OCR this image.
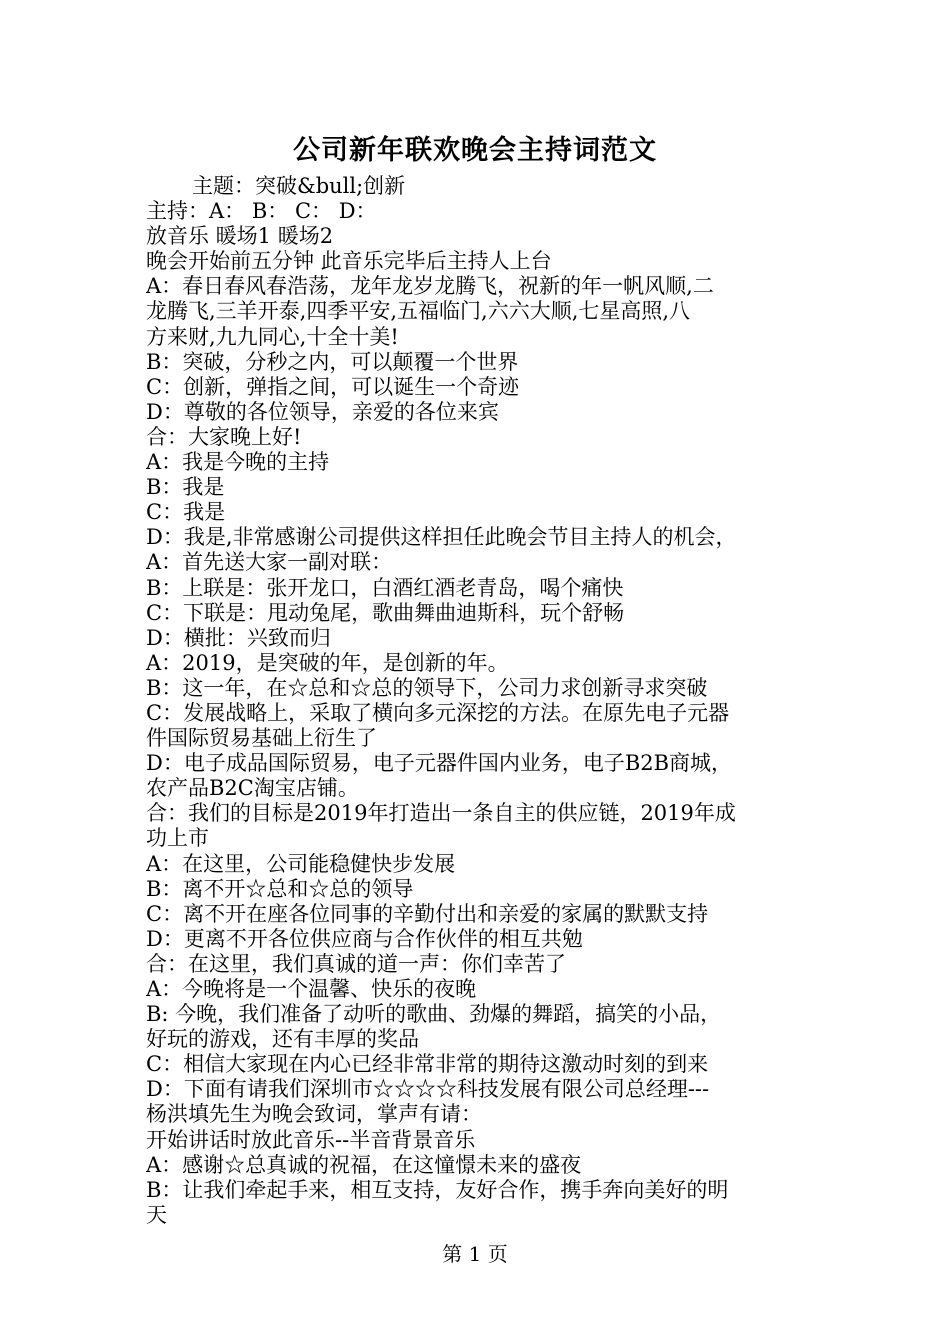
公司新年联欢晚会主持词范文
主题：突破&bull;创新
主持：A： B： C： D：
放音乐 暖场1 暖场2
晚会开始前五分钟 此音乐完毕后主持人上台
A：春日春风春浩荡，龙年龙岁龙腾飞，祝新的年一帆风顺,二
龙腾飞,三羊开泰,四季平安,五福临门,六六大顺,七星高照,八
方来财,九九同心,十全十美!
B：突破，分秒之内，可以颠覆一个世界
C：创新，弹指之间，可以诞生一个奇迹
D：尊敬的各位领导，亲爱的各位来宾
合：大家晚上好!
A：我是今晚的主持
B：我是
C：我是
D：我是,非常感谢公司提供这样担任此晚会节目主持人的机会，
A：首先送大家一副对联：
B：上联是：张开龙口，白酒红酒老青岛，喝个痛快
C：下联是：甩动兔尾，歌曲舞曲迪斯科，玩个舒畅
D：横批：兴致而归
A：2019，是突破的年，是创新的年。
B：这一年，在☆总和☆总的领导下，公司力求创新寻求突破
C：发展战略上，采取了横向多元深挖的方法。在原先电子元器
件国际贸易基础上衍生了
D：电子成品国际贸易，电子元器件国内业务，电子B2B商城，
农产品B2C淘宝店铺。
合：我们的目标是2019年打造出一条自主的供应链，2019年成
功上市
A：在这里，公司能稳健快步发展
B：离不开☆总和☆总的领导
C：离不开在座各位同事的辛勤付出和亲爱的家属的默默支持
D：更离不开各位供应商与合作伙伴的相互共勉
合：在这里，我们真诚的道一声：你们幸苦了
A：今晚将是一个温馨、快乐的夜晚
B: 今晚，我们准备了动听的歌曲、劲爆的舞蹈，搞笑的小品，
好玩的游戏，还有丰厚的奖品
C：相信大家现在内心已经非常非常的期待这激动时刻的到来
D：下面有请我们深圳市☆☆☆☆科技发展有限公司总经理---
杨洪填先生为晚会致词，掌声有请：
开始讲话时放此音乐--半音背景音乐
A：感谢☆总真诚的祝福，在这憧憬未来的盛夜
B：让我们牵起手来，相互支持，友好合作，携手奔向美好的明
天
第 1 页
